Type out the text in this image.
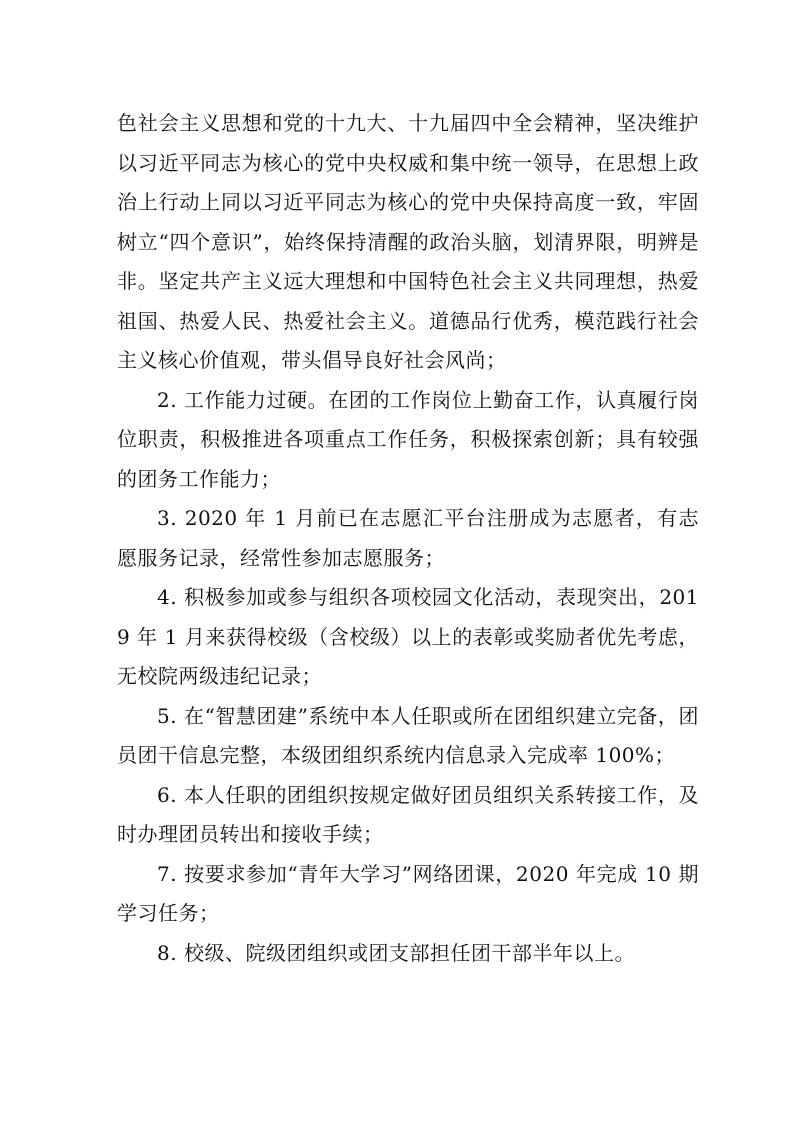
色社会主义思想和党的十九大、十九届四中全会精神，坚决维护以习近平同志为核心的党中央权威和集中统一领导，在思想上政治上行动上同以习近平同志为核心的党中央保持高度一致，牢固树立“四个意识”，始终保持清醒的政治头脑，划清界限，明辨是非。坚定共产主义远大理想和中国特色社会主义共同理想，热爱祖国、热爱人民、热爱社会主义。道德品行优秀，模范践行社会主义核心价值观，带头倡导良好社会风尚；

2. 工作能力过硬。在团的工作岗位上勤奋工作，认真履行岗位职责，积极推进各项重点工作任务，积极探索创新；具有较强的团务工作能力；

3. 2020 年 1 月前已在志愿汇平台注册成为志愿者，有志愿服务记录，经常性参加志愿服务；

4. 积极参加或参与组织各项校园文化活动，表现突出，2019 年 1 月来获得校级（含校级）以上的表彰或奖励者优先考虑，无校院两级违纪记录；

5. 在“智慧团建”系统中本人任职或所在团组织建立完备，团员团干信息完整，本级团组织系统内信息录入完成率 100%；

6. 本人任职的团组织按规定做好团员组织关系转接工作，及时办理团员转出和接收手续；

7. 按要求参加“青年大学习”网络团课，2020 年完成 10 期学习任务；

8. 校级、院级团组织或团支部担任团干部半年以上。
